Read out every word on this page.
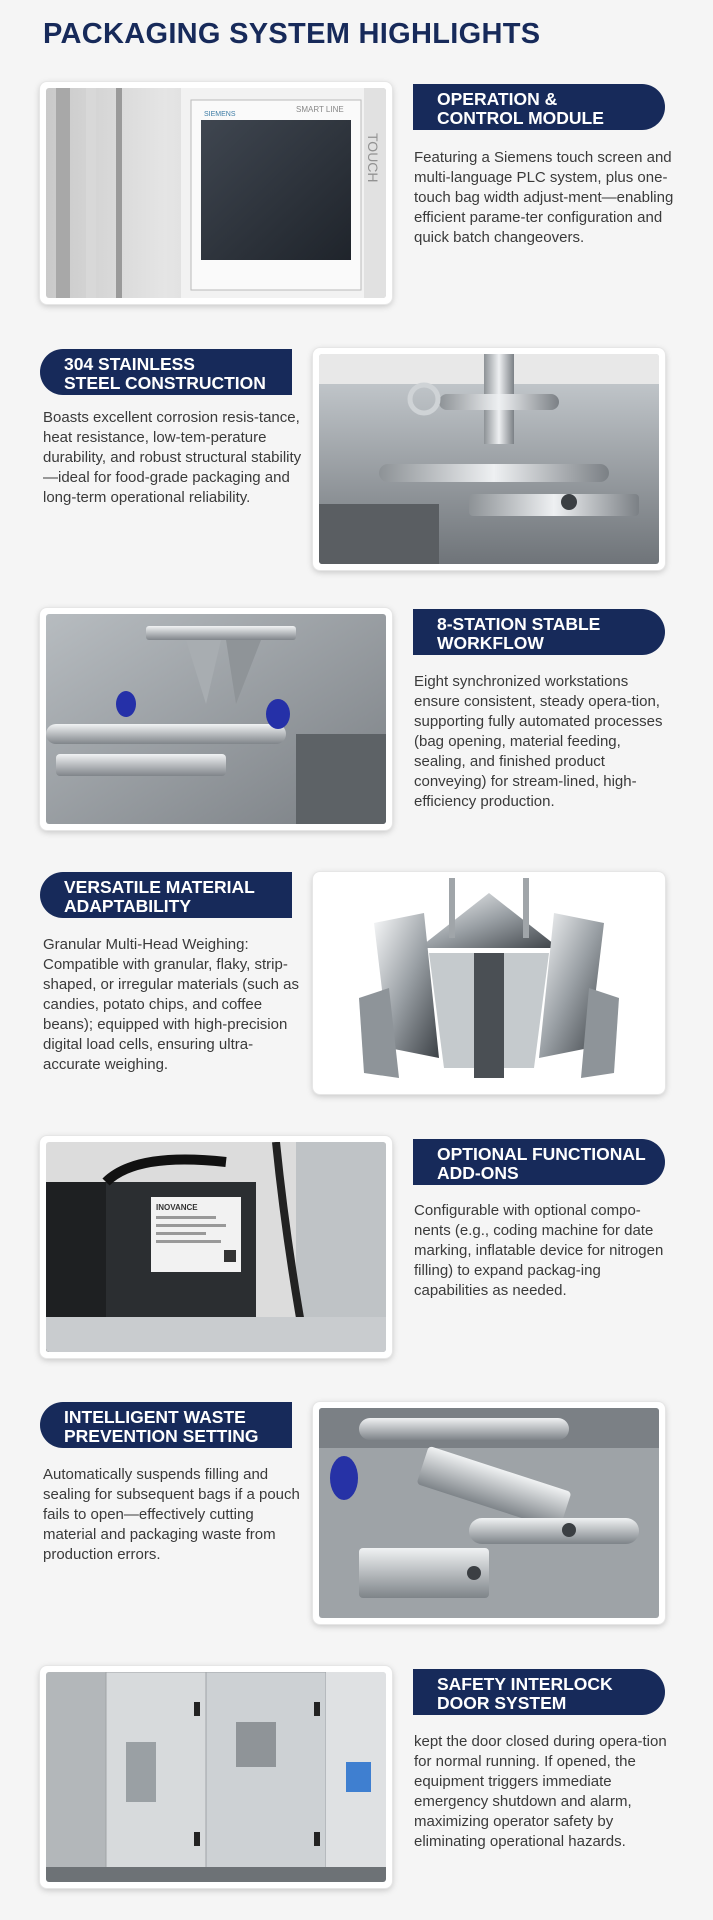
PACKAGING SYSTEM HIGHLIGHTS
SIEMENS
SMART LINE
OPERATION &
CONTROL MODULE

Featuring a Siemens touch screen and multi-language PLC system, plus one-touch bag width adjust-ment—enabling efficient parame-ter configuration and quick batch changeovers.

304 STAINLESS
STEEL CONSTRUCTION

Boasts excellent corrosion resis-tance, heat resistance, low-tem-perature durability, and robust structural stability—ideal for food-grade packaging and long-term operational reliability.

8-STATION STABLE
WORKFLOW

Eight synchronized workstations ensure consistent, steady opera-tion, supporting fully automated processes (bag opening, material feeding, sealing, and finished product conveying) for stream-lined, high-efficiency production.

VERSATILE MATERIAL
ADAPTABILITY

Granular Multi-Head Weighing: Compatible with granular, flaky, strip-shaped, or irregular materials (such as candies, potato chips, and coffee beans); equipped with high-precision digital load cells, ensuring ultra-accurate weighing.

INOVANCE
OPTIONAL FUNCTIONAL
ADD-ONS

Configurable with optional compo-nents (e.g., coding machine for date marking, inflatable device for nitrogen filling) to expand packag-ing capabilities as needed.

INTELLIGENT WASTE
PREVENTION SETTING

Automatically suspends filling and sealing for subsequent bags if a pouch fails to open—effectively cutting material and packaging waste from production errors.

SAFETY INTERLOCK
DOOR SYSTEM

kept the door closed during opera-tion for normal running. If opened, the equipment triggers immediate emergency shutdown and alarm, maximizing operator safety by eliminating operational hazards.
